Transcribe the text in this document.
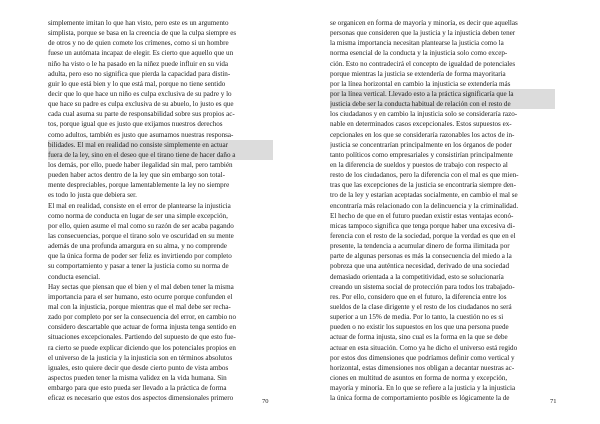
simplemente imitan lo que han visto, pero este es un argumento
simplista, porque se basa en la creencia de que la culpa siempre es
de otros y no de quien comete los crímenes, como si un hombre
fuese un autómata incapaz de elegir. Es cierto que aquello que un
niño ha visto o le ha pasado en la niñez puede influir en su vida
adulta, pero eso no significa que pierda la capacidad para distin-
guir lo que está bien y lo que está mal, porque no tiene sentido
decir que lo que hace un niño es culpa exclusiva de su padre y lo
que hace su padre es culpa exclusiva de su abuelo, lo justo es que
cada cual asuma su parte de responsabilidad sobre sus propios ac-
tos, porque igual que es justo que exijamos nuestros derechos
como adultos, también es justo que asumamos nuestras responsa-
bilidades. El mal en realidad no consiste simplemente en actuar
fuera de la ley, sino en el deseo que el tirano tiene de hacer daño a
los demás, por ello, puede haber ilegalidad sin mal, pero también
pueden haber actos dentro de la ley que sin embargo son total-
mente despreciables, porque lamentablemente la ley no siempre
es todo lo justa que debiera ser.
El mal en realidad, consiste en el error de plantearse la injusticia
como norma de conducta en lugar de ser una simple excepción,
por ello, quien asume el mal como su razón de ser acaba pagando
las consecuencias, porque el tirano solo ve oscuridad en su mente
además de una profunda amargura en su alma, y no comprende
que la única forma de poder ser feliz es invirtiendo por completo
su comportamiento y pasar a tener la justicia como su norma de
conducta esencial.
Hay sectas que piensan que el bien y el mal deben tener la misma
importancia para el ser humano, esto ocurre porque confunden el
mal con la injusticia, porque mientras que el mal debe ser recha-
zado por completo por ser la consecuencia del error, en cambio no
considero descartable que actuar de forma injusta tenga sentido en
situaciones excepcionales. Partiendo del supuesto de que esto fue-
ra cierto se puede explicar diciendo que los potenciales propios en
el universo de la justicia y la injusticia son en términos absolutos
iguales, esto quiere decir que desde cierto punto de vista ambos
aspectos pueden tener la misma validez en la vida humana. Sin
embargo para que esto pueda ser llevado a la práctica de forma
eficaz es necesario que estos dos aspectos dimensionales primero	70
se organicen en forma de mayoría y minoría, es decir que aquellas
personas que consideren que la justicia y la injusticia deben tener
la misma importancia necesitan plantearse la justicia como la
norma esencial de la conducta y la injusticia solo como excep-
ción. Esto no contradecirá el concepto de igualdad de potenciales
porque mientras la justicia se extendería de forma mayoritaria
por la línea horizontal en cambio la injusticia se extendería más
por la línea vertical. Llevado esto a la práctica significaría que la
justicia debe ser la conducta habitual de relación con el resto de
los ciudadanos y en cambio la injusticia solo se consideraría razo-
nable en determinados casos excepcionales. Estos supuestos ex-
cepcionales en los que se consideraría razonables los actos de in-
justicia se concentrarían principalmente en los órganos de poder
tanto políticos como empresariales y consistirían principalmente
en la diferencia de sueldos y puestos de trabajo con respecto al
resto de los ciudadanos, pero la diferencia con el mal es que mien-
tras que las excepciones de la justicia se encontraría siempre den-
tro de la ley y estarían aceptadas socialmente, en cambio el mal se
encontraría más relacionado con la delincuencia y la criminalidad.
El hecho de que en el futuro puedan existir estas ventajas econó-
micas tampoco significa que tenga porque haber una excesiva di-
ferencia con el resto de la sociedad, porque la verdad es que en el
presente, la tendencia a acumular dinero de forma ilimitada por
parte de algunas personas es más la consecuencia del miedo a la
pobreza que una auténtica necesidad, derivado de una sociedad
demasiado orientada a la competitividad, esto se solucionaría
creando un sistema social de protección para todos los trabajado-
res. Por ello, considero que en el futuro, la diferencia entre los
sueldos de la clase dirigente y el resto de los ciudadanos no será
superior a un 15% de media. Por lo tanto, la cuestión no es si
pueden o no existir los supuestos en los que una persona puede
actuar de forma injusta, sino cual es la forma en la que se debe
actuar en esta situación. Como ya he dicho el universo está regido
por estos dos dimensiones que podríamos definir como vertical y
horizontal, estas dimensiones nos obligan a decantar nuestras ac-
ciones en multitud de asuntos en forma de norma y excepción,
mayoría y minoría. En lo que se refiere a la justicia y la injusticia
la única forma de comportamiento posible es lógicamente la de	71
